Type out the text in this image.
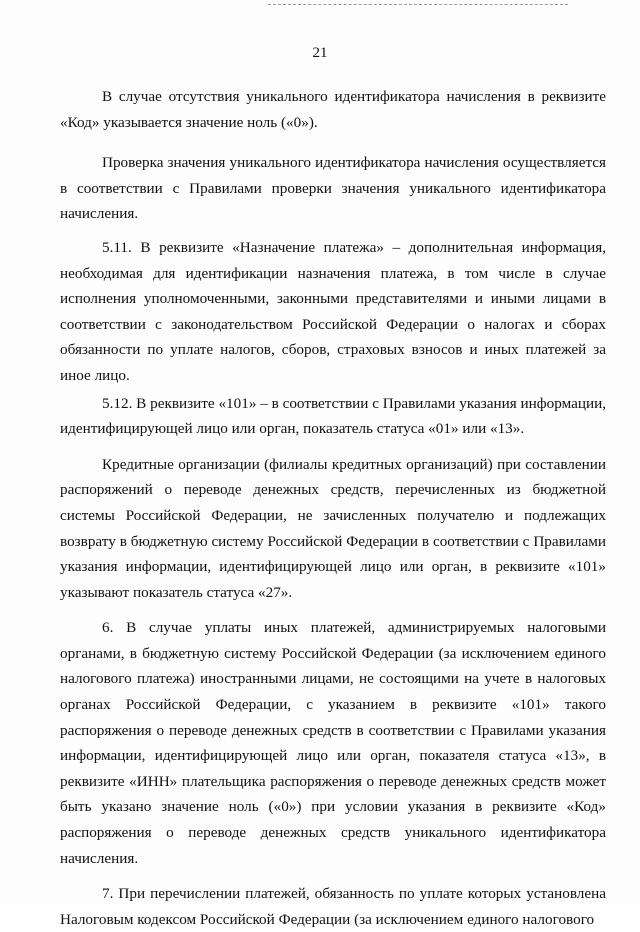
21

В случае отсутствия уникального идентификатора начисления в реквизите «Код» указывается значение ноль («0»).

Проверка значения уникального идентификатора начисления осуществляется в соответствии с Правилами проверки значения уникального идентификатора начисления.

5.11. В реквизите «Назначение платежа» – дополнительная информация, необходимая для идентификации назначения платежа, в том числе в случае исполнения уполномоченными, законными представителями и иными лицами в соответствии с законодательством Российской Федерации о налогах и сборах обязанности по уплате налогов, сборов, страховых взносов и иных платежей за иное лицо.

5.12. В реквизите «101» – в соответствии с Правилами указания информации, идентифицирующей лицо или орган, показатель статуса «01» или «13».

Кредитные организации (филиалы кредитных организаций) при составлении распоряжений о переводе денежных средств, перечисленных из бюджетной системы Российской Федерации, не зачисленных получателю и подлежащих возврату в бюджетную систему Российской Федерации в соответствии с Правилами указания информации, идентифицирующей лицо или орган, в реквизите «101» указывают показатель статуса «27».

6. В случае уплаты иных платежей, администрируемых налоговыми органами, в бюджетную систему Российской Федерации (за исключением единого налогового платежа) иностранными лицами, не состоящими на учете в налоговых органах Российской Федерации, с указанием в реквизите «101» такого распоряжения о переводе денежных средств в соответствии с Правилами указания информации, идентифицирующей лицо или орган, показателя статуса «13», в реквизите «ИНН» плательщика распоряжения о переводе денежных средств может быть указано значение ноль («0») при условии указания в реквизите «Код» распоряжения о переводе денежных средств уникального идентификатора начисления.

7. При перечислении платежей, обязанность по уплате которых установлена Налоговым кодексом Российской Федерации (за исключением единого налогового
